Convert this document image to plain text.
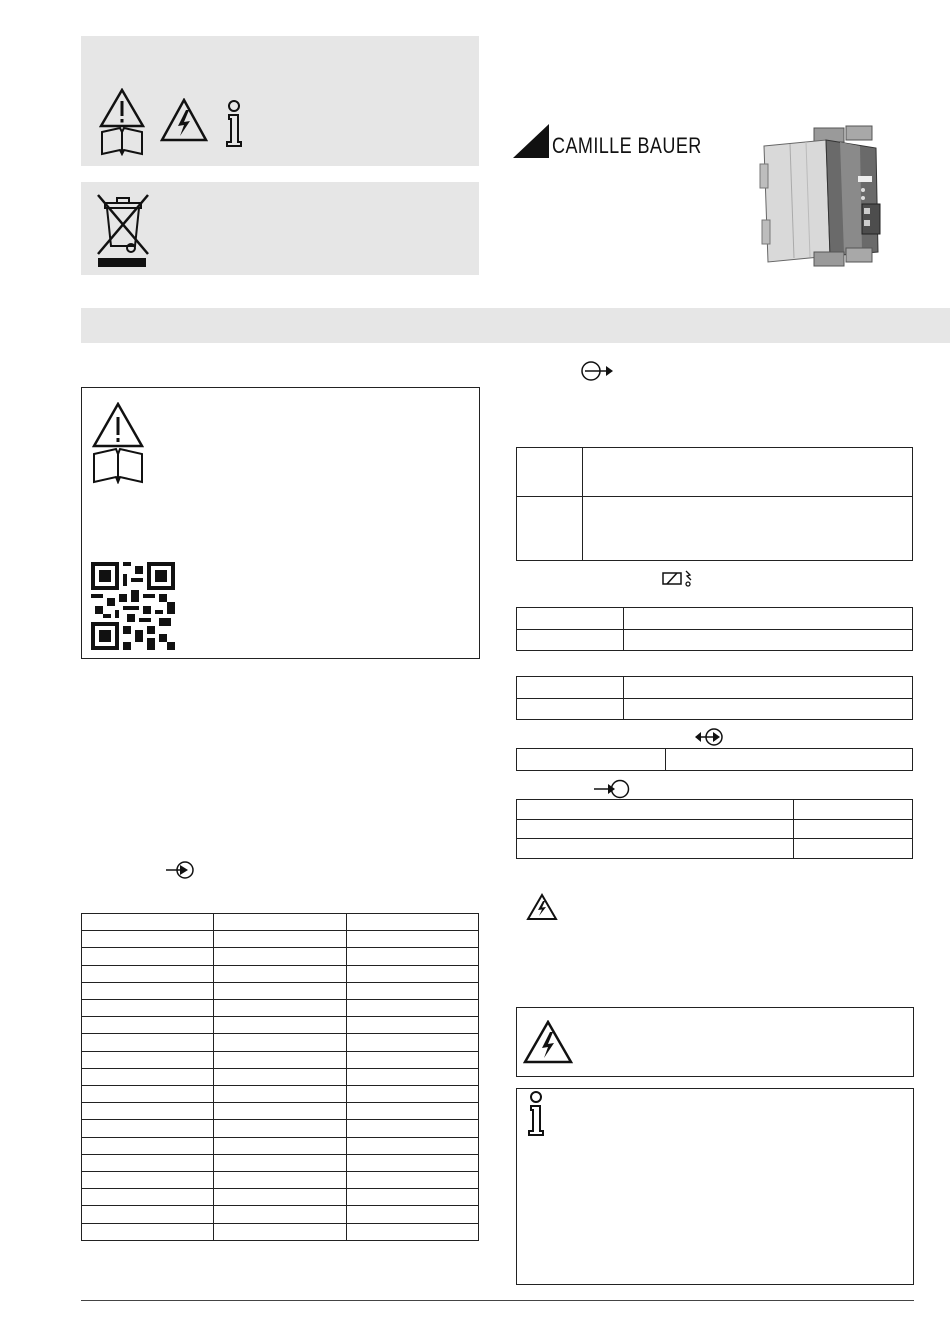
CAMILLE BAUER
